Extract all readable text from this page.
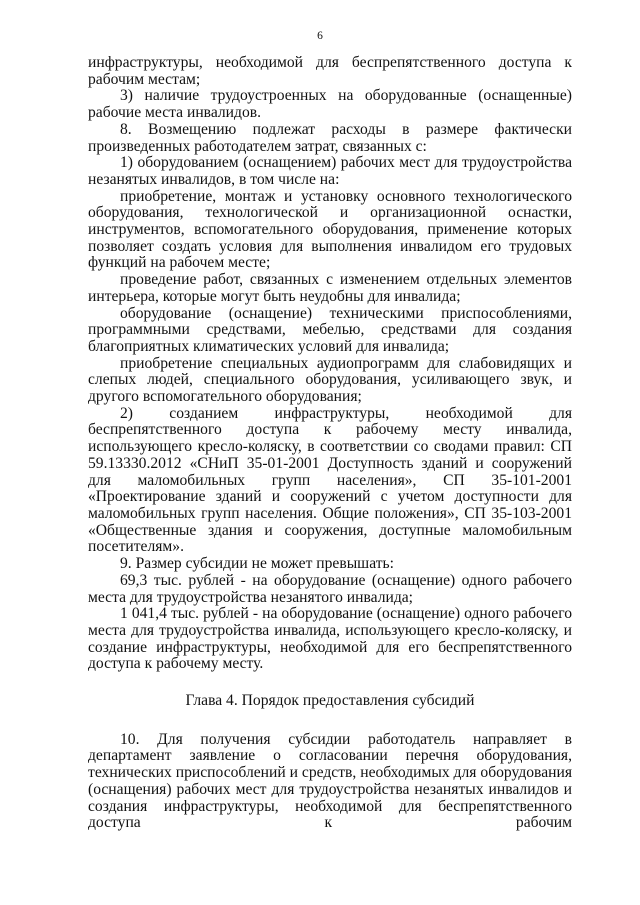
6

инфраструктуры, необходимой для беспрепятственного доступа к рабочим местам;

3) наличие трудоустроенных на оборудованные (оснащенные) рабочие места инвалидов.

8. Возмещению подлежат расходы в размере фактически произведенных работодателем затрат, связанных с:

1) оборудованием (оснащением) рабочих мест для трудоустройства незанятых инвалидов, в том числе на:

приобретение, монтаж и установку основного технологического оборудования, технологической и организационной оснастки, инструментов, вспомогательного оборудования, применение которых позволяет создать условия для выполнения инвалидом его трудовых функций на рабочем месте;

проведение работ, связанных с изменением отдельных элементов интерьера, которые могут быть неудобны для инвалида;

оборудование (оснащение) техническими приспособлениями, программными средствами, мебелью, средствами для создания благоприятных климатических условий для инвалида;

приобретение специальных аудиопрограмм для слабовидящих и слепых людей, специального оборудования, усиливающего звук, и другого вспомогательного оборудования;

2) созданием инфраструктуры, необходимой для беспрепятственного доступа к рабочему месту инвалида, использующего кресло-коляску, в соответствии со сводами правил: СП 59.13330.2012 «СНиП 35-01-2001 Доступность зданий и сооружений для маломобильных групп населения», СП 35-101-2001 «Проектирование зданий и сооружений с учетом доступности для маломобильных групп населения. Общие положения», СП 35-103-2001 «Общественные здания и сооружения, доступные маломобильным посетителям».

9. Размер субсидии не может превышать:

69,3 тыс. рублей - на оборудование (оснащение) одного рабочего места для трудоустройства незанятого инвалида;

1 041,4 тыс. рублей - на оборудование (оснащение) одного рабочего места для трудоустройства инвалида, использующего кресло-коляску, и создание инфраструктуры, необходимой для его беспрепятственного доступа к рабочему месту.

Глава 4. Порядок предоставления субсидий

10. Для получения субсидии работодатель направляет в департамент заявление о согласовании перечня оборудования, технических приспособлений и средств, необходимых для оборудования (оснащения) рабочих мест для трудоустройства незанятых инвалидов и создания инфраструктуры, необходимой для беспрепятственного доступа к рабочим
